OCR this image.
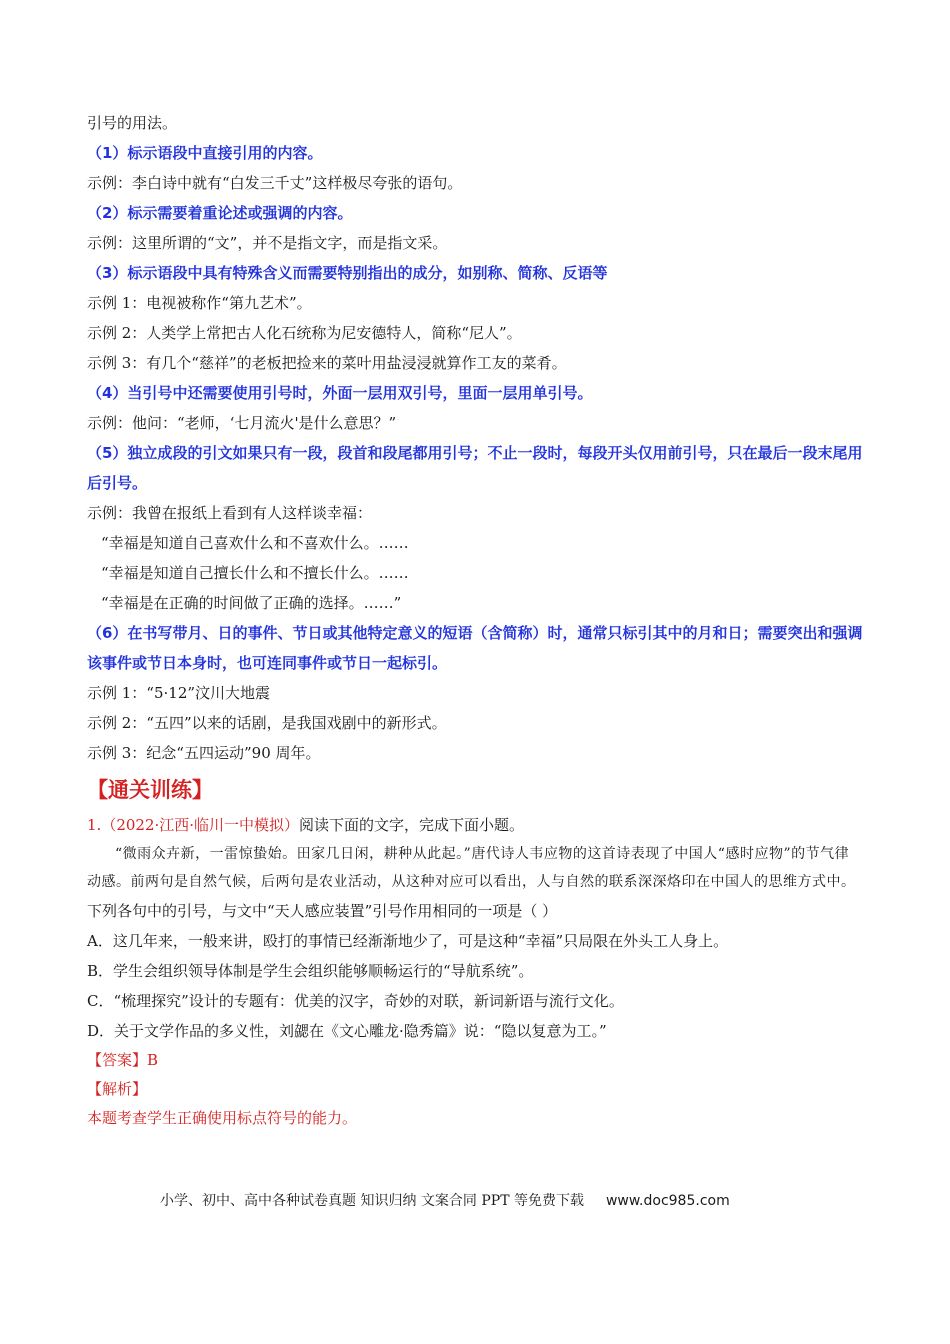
引号的用法。
（1）标示语段中直接引用的内容。
示例：李白诗中就有“白发三千丈”这样极尽夸张的语句。
（2）标示需要着重论述或强调的内容。
示例：这里所谓的“文”，并不是指文字，而是指文采。
（3）标示语段中具有特殊含义而需要特别指出的成分，如别称、简称、反语等
示例 1：电视被称作“第九艺术”。
示例 2：人类学上常把古人化石统称为尼安德特人，简称“尼人”。
示例 3：有几个“慈祥”的老板把捡来的菜叶用盐浸浸就算作工友的菜肴。
（4）当引号中还需要使用引号时，外面一层用双引号，里面一层用单引号。
示例：他问：“老师，‘七月流火'是什么意思？”
（5）独立成段的引文如果只有一段，段首和段尾都用引号；不止一段时，每段开头仅用前引号，只在最后一段末尾用后引号。
示例：我曾在报纸上看到有人这样谈幸福：
“幸福是知道自己喜欢什么和不喜欢什么。……
“幸福是知道自己擅长什么和不擅长什么。……
“幸福是在正确的时间做了正确的选择。……”
（6）在书写带月、日的事件、节日或其他特定意义的短语（含简称）时，通常只标引其中的月和日；需要突出和强调该事件或节日本身时，也可连同事件或节日一起标引。
示例 1：“5·12”汶川大地震
示例 2：“五四”以来的话剧，是我国戏剧中的新形式。
示例 3：纪念“五四运动”90 周年。
【通关训练】
1.（2022·江西·临川一中模拟）阅读下面的文字，完成下面小题。
“微雨众卉新，一雷惊蛰始。田家几日闲，耕种从此起。”唐代诗人韦应物的这首诗表现了中国人“感时应物”的节气律动感。前两句是自然气候，后两句是农业活动，从这种对应可以看出，人与自然的联系深深烙印在中国人的思维方式中。
下列各句中的引号，与文中“天人感应装置”引号作用相同的一项是（ ）
A．这几年来，一般来讲，殴打的事情已经渐渐地少了，可是这种“幸福”只局限在外头工人身上。
B．学生会组织领导体制是学生会组织能够顺畅运行的“导航系统”。
C．“梳理探究”设计的专题有：优美的汉字，奇妙的对联，新词新语与流行文化。
D．关于文学作品的多义性，刘勰在《文心雕龙·隐秀篇》说：“隐以复意为工。”
【答案】B
【解析】
本题考查学生正确使用标点符号的能力。
小学、初中、高中各种试卷真题 知识归纳 文案合同 PPT 等免费下载 www.doc985.com
